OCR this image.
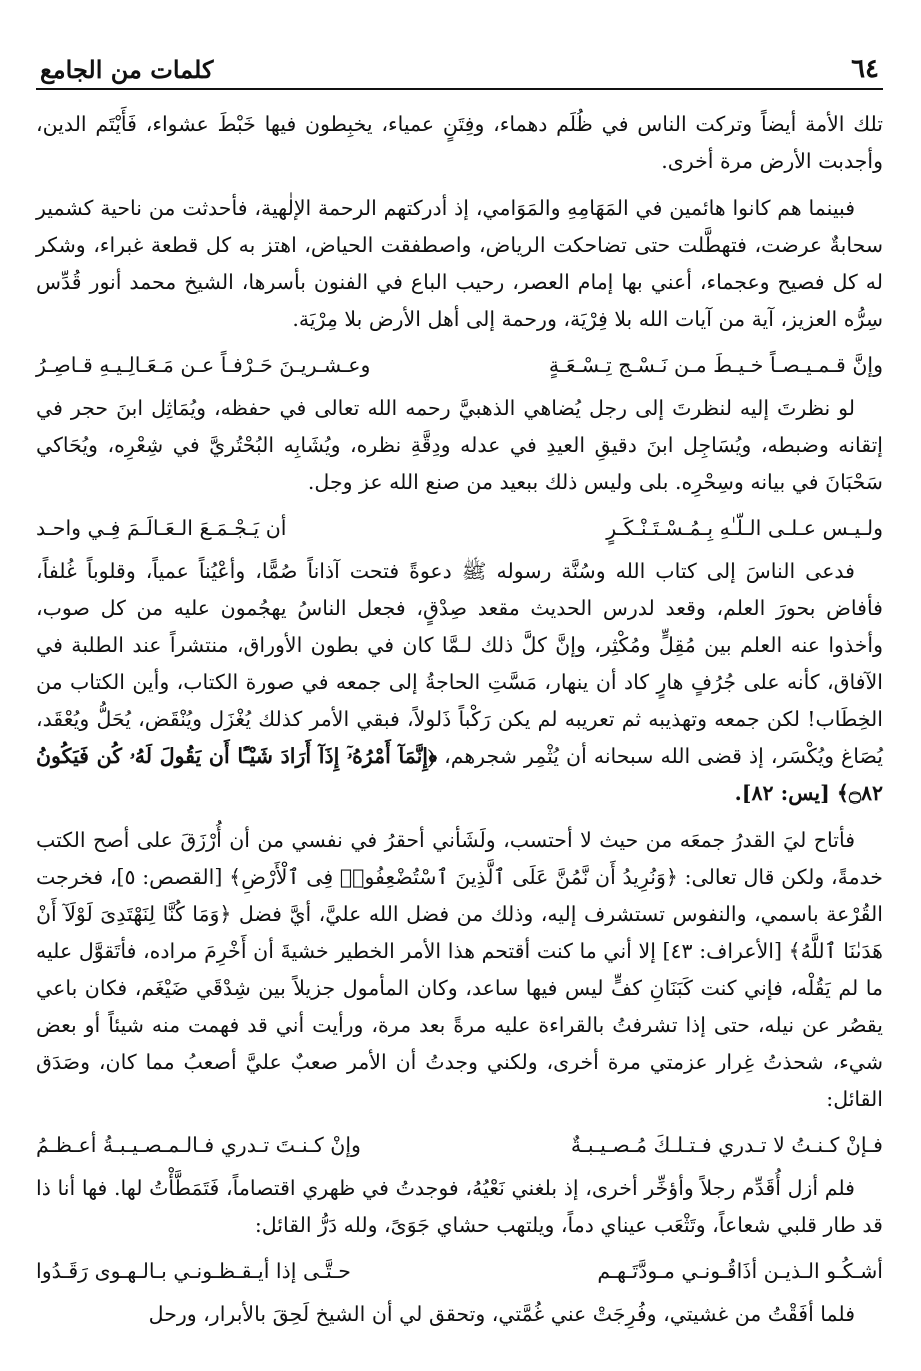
٦٤
كلمات من الجامع

تلك الأمة أيضاً وتركت الناس في ظُلَم دهماء، وفِتَنٍ عمياء، يخبِطون فيها خَبْطَ عشواء، فَأَيْتَم الدين، وأجدبت الأرض مرة أخرى.

فبينما هم كانوا هائمين في المَهَامِهِ والمَوَامي، إذ أدركتهم الرحمة الإلٰهية، فأحدثت من ناحية كشمير سحابةٌ عرضت، فتهطَّلت حتى تضاحكت الرياض، واصطفقت الحياض، اهتز به كل قطعة غبراء، وشكر له كل فصيح وعجماء، أعني بها إمام العصر، رحيب الباع في الفنون بأسرها، الشيخ محمد أنور قُدِّس سِرُّه العزيز، آية من آيات الله بلا فِرْيَة، ورحمة إلى أهل الأرض بلا مِرْيَة.

وإنَّ قـمـيـصـاً خـيـطَ مـن نَـسْـج تِـسْـعَـةٍ
وعـشـريـنَ حَـرْفـاً عـن مَـعَـالِـيـهِ قـاصِـرُ

لو نظرتَ إليه لنظرتَ إلى رجل يُضاهي الذهبيَّ رحمه الله تعالى في حفظه، ويُمَاثِل ابنَ حجر في إتقانه وضبطه، ويُسَاجِل ابنَ دقيقِ العيدِ في عدله ودِقَّةِ نظره، ويُشَابِه البُحْتُريَّ في شِعْرِه، ويُحَاكي سَحْبَانَ في بيانه وسِحْرِه. بلى وليس ذلك ببعيد من صنع الله عز وجل.

ولـيـس عـلـى الـلّـٰهِ بِـمُـسْـتَـنْـكَـرٍ
أن يَـجْـمَـعَ الـعَـالَـمَ فِـي واحـد

فدعى الناسَ إلى كتاب الله وسُنَّة رسوله ﷺ دعوةً فتحت آذاناً صُمًّا، وأعْيُناً عمياً، وقلوباً غُلفاً، فأفاض بحورَ العلم، وقعد لدرس الحديث مقعد صِدْقٍ، فجعل الناسُ يهجُمون عليه من كل صوب، وأخذوا عنه العلم بين مُقِلٍّ ومُكْثِر، وإنَّ كلَّ ذلك لـمَّا كان في بطون الأوراق، منتشراً عند الطلبة في الآفاق، كأنه على جُرُفٍ هارٍ كاد أن ينهار، مَسَّتِ الحاجةُ إلى جمعه في صورة الكتاب، وأين الكتاب من الخِطَاب! لكن جمعه وتهذيبه ثم تعريبه لم يكن رَكْباً ذَلولاً، فبقي الأمر كذلك يُغْزَل ويُنْقَض، يُحَلُّ ويُعْقَد، يُصَاغ ويُكْسَر، إذ قضى الله سبحانه أن يُثْمِر شجرهم، ﴿إِنَّمَآ أَمْرُهُۥٓ إِذَآ أَرَادَ شَيْـًٔا أَن يَقُولَ لَهُۥ كُن فَيَكُونُ ۝٨٢﴾ [يس: ٨٢].

فأتاح ليَ القدرُ جمعَه من حيث لا أحتسب، ولَشَأني أحقرُ في نفسي من أن أُرْزَقَ على أصح الكتب خدمةً، ولكن قال تعالى: ﴿وَنُرِيدُ أَن نَّمُنَّ عَلَى ٱلَّذِينَ ٱسْتُضْعِفُوا۟ فِى ٱلْأَرْضِ﴾ [القصص: ٥]، فخرجت القُرْعة باسمي، والنفوس تستشرف إليه، وذلك من فضل الله عليَّ، أيَّ فضل ﴿وَمَا كُنَّا لِنَهْتَدِىَ لَوْلَآ أَنْ هَدَىٰنَا ٱللَّهُ﴾ [الأعراف: ٤٣] إلا أني ما كنت أقتحم هذا الأمر الخطير خشيةَ أن أَخْرِمَ مراده، فأتَقوَّل عليه ما لم يَقُلْه، فإني كنت كَبَنَانِ كفٍّ ليس فيها ساعد، وكان المأمول جزيلاً بين شِدْقَي ضَيْغَم، فكان باعي يقصُر عن نيله، حتى إذا تشرفتُ بالقراءة عليه مرةً بعد مرة، ورأيت أني قد فهمت منه شيئاً أو بعض شيء، شحذتُ غِرار عزمتي مرة أخرى، ولكني وجدتُ أن الأمر صعبٌ عليَّ أصعبُ مما كان، وصَدَق القائل:

فـإنْ كـنـتُ لا تـدري فـتـلـكَ مُـصـيـبـةٌ
وإنْ كـنـتَ تـدري فـالـمـصـيـبـةُ أعـظـمُ

فلم أزل أُقَدِّم رجلاً وأؤخِّر أخرى، إذ بلغني نَعْيُهُ، فوجدتُ في ظهري اقتصاماً، فَتَمَطَّأْتُ لها. فها أنا ذا قد طار قلبي شعاعاً، وتَثْعَب عيناي دماً، ويلتهب حشاي جَوَىً، ولله دَرُّ القائل:

أشـكُـو الـذيـن أذَاقُـونـي مـودَّتَـهـم
حـتَّـى إذا أيـقـظـونـي بـالـهـوى رَقَـدُوا

فلما أفَقْتُ من غشيتي، وفُرِجَتْ عني غُمَّتي، وتحقق لي أن الشيخ لَحِقَ بالأبرار، ورحل
